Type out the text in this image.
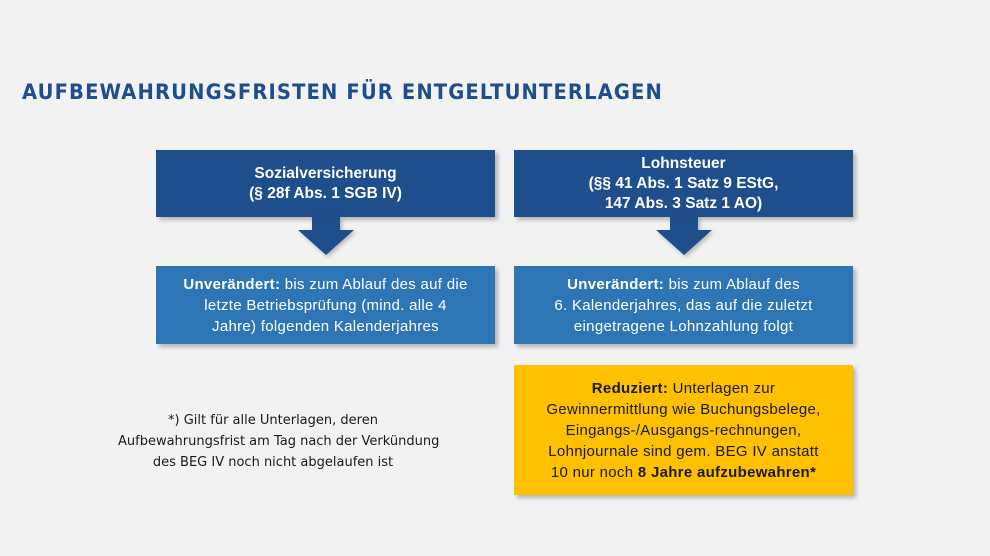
AUFBEWAHRUNGSFRISTEN FÜR ENTGELTUNTERLAGEN
Sozialversicherung
(§ 28f Abs. 1 SGB IV)
Unverändert: bis zum Ablauf des auf die
letzte Betriebsprüfung (mind. alle 4
Jahre) folgenden Kalenderjahres
Lohnsteuer
(§§ 41 Abs. 1 Satz 9 EStG,
147 Abs. 3 Satz 1 AO)
Unverändert: bis zum Ablauf des
6. Kalenderjahres, das auf die zuletzt
eingetragene Lohnzahlung folgt
Reduziert: Unterlagen zur
Gewinnermittlung wie Buchungsbelege,
Eingangs-/Ausgangs-rechnungen,
Lohnjournale sind gem. BEG IV anstatt
10 nur noch 8 Jahre aufzubewahren*
*) Gilt für alle Unterlagen, deren
Aufbewahrungsfrist am Tag nach der Verkündung
des BEG IV noch nicht abgelaufen ist
